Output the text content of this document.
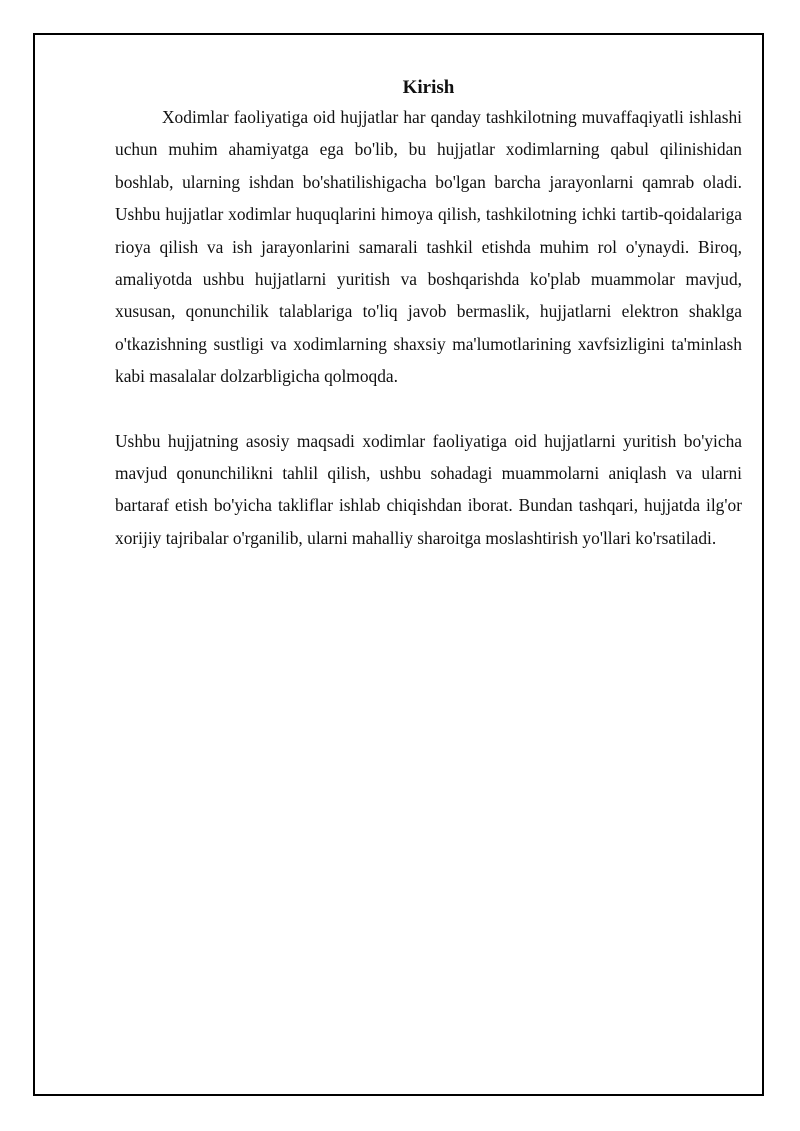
Kirish

Xodimlar faoliyatiga oid hujjatlar har qanday tashkilotning muvaffaqiyatli ishlashi uchun muhim ahamiyatga ega bo'lib, bu hujjatlar xodimlarning qabul qilinishidan boshlab, ularning ishdan bo'shatilishigacha bo'lgan barcha jarayonlarni qamrab oladi. Ushbu hujjatlar xodimlar huquqlarini himoya qilish, tashkilotning ichki tartib-qoidalariga rioya qilish va ish jarayonlarini samarali tashkil etishda muhim rol o'ynaydi. Biroq, amaliyotda ushbu hujjatlarni yuritish va boshqarishda ko'plab muammolar mavjud, xususan, qonunchilik talablariga to'liq javob bermaslik, hujjatlarni elektron shaklga o'tkazishning sustligi va xodimlarning shaxsiy ma'lumotlarining xavfsizligini ta'minlash kabi masalalar dolzarbligicha qolmoqda.

Ushbu hujjatning asosiy maqsadi xodimlar faoliyatiga oid hujjatlarni yuritish bo'yicha mavjud qonunchilikni tahlil qilish, ushbu sohadagi muammolarni aniqlash va ularni bartaraf etish bo'yicha takliflar ishlab chiqishdan iborat. Bundan tashqari, hujjatda ilg'or xorijiy tajribalar o'rganilib, ularni mahalliy sharoitga moslashtirish yo'llari ko'rsatiladi.
